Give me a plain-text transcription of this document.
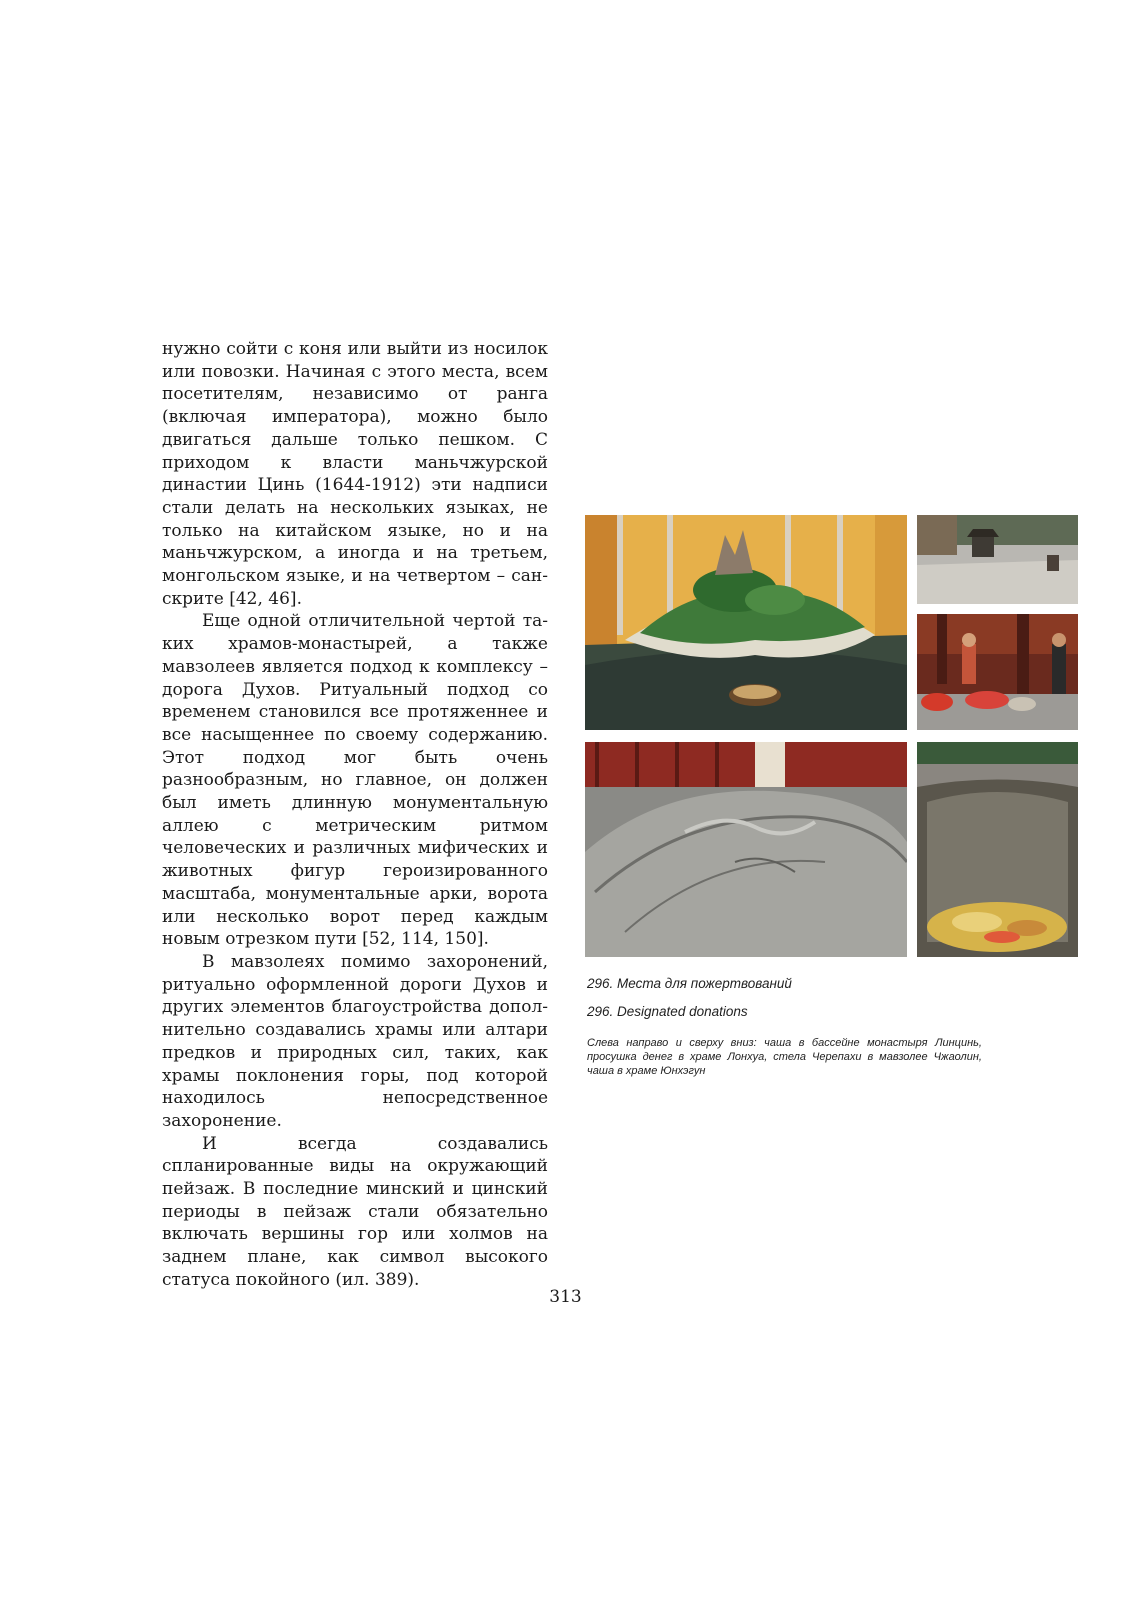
нужно сойти с коня или выйти из носилок или повозки. Начиная с этого места, всем посетителям, независимо от ранга (включая императора), можно было двигаться дальше только пешком. С приходом к власти маньчжурской династии Цинь (1644-1912) эти надписи стали делать на нескольких языках, не только на китайском языке, но и на маньчжурском, а иногда и на третьем, монгольском языке, и на четвертом – санскрите [42, 46].

Еще одной отличительной чертой таких храмов-монастырей, а также мавзолеев является подход к комплексу – дорога Духов. Ритуальный подход со временем становился все протяженнее и все насыщеннее по своему содержанию. Этот подход мог быть очень разнообразным, но главное, он должен был иметь длинную монументальную аллею с метрическим ритмом человеческих и различных мифических и животных фигур героизированного масштаба, монументальные арки, ворота или несколько ворот перед каждым новым отрезком пути [52, 114, 150].

В мавзолеях помимо захоронений, ритуально оформленной дороги Духов и других элементов благоустройства дополнительно создавались храмы или алтари предков и природных сил, таких, как храмы поклонения горы, под которой находилось непосредственное захоронение.

И всегда создавались спланированные виды на окружающий пейзаж. В последние минский и цинский периоды в пейзаж стали обязательно включать вершины гор или холмов на заднем плане, как символ высокого статуса покойного (ил. 389).

296. Места для пожертвований
296. Designated donations
Слева направо и сверху вниз: чаша в бассейне монастыря Линцинь, просушка денег в храме Лонхуа, стела Черепахи в мавзолее Чжаолин, чаша в храме Юнхэгун
313
